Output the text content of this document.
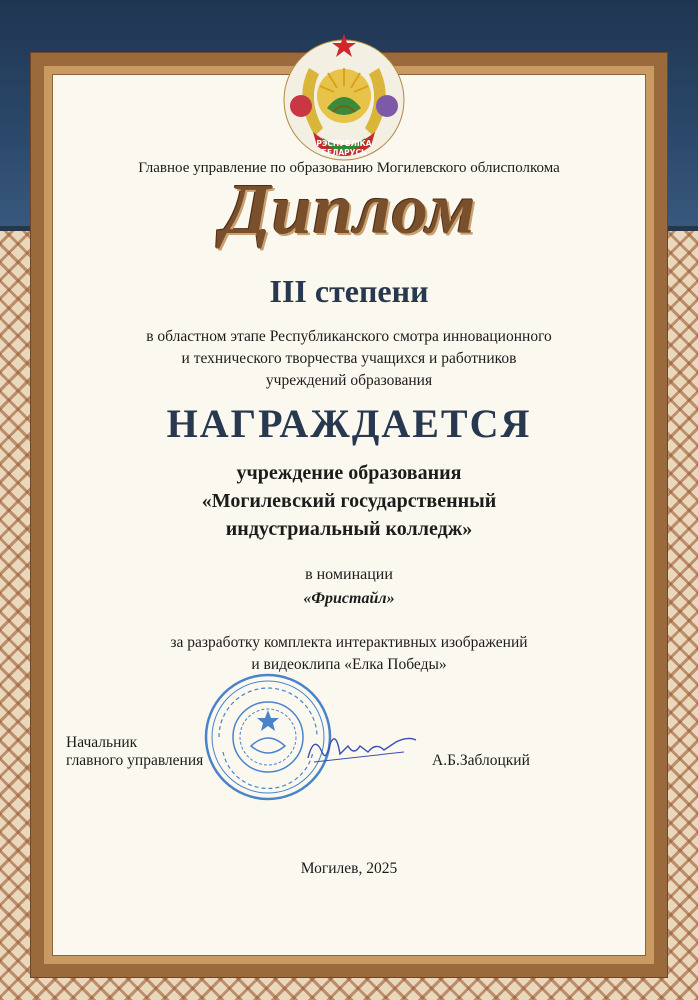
РЭСПУБЛІКА
БЕЛАРУСЬ
Главное управление по образованию Могилевского облисполкома
Диплом
III степени
в областном этапе Республиканского смотра инновационного
и технического творчества учащихся и работников
учреждений образования
НАГРАЖДАЕТСЯ
учреждение образования
«Могилевский государственный
индустриальный колледж»
в номинации
«Фристайл»
за разработку комплекта интерактивных изображений
и видеоклипа «Елка Победы»
Начальник
главного управления	А.Б.Заблоцкий
Могилев, 2025
